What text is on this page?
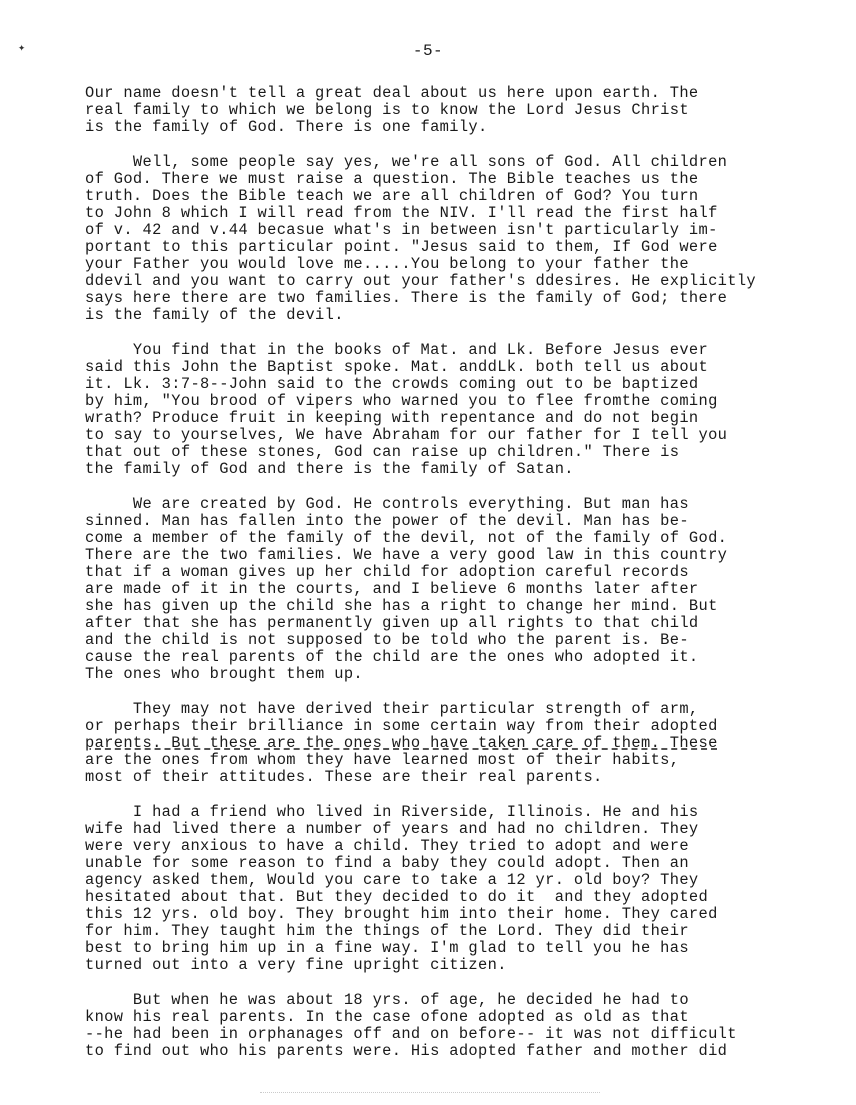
✦	-5-
Our name doesn't tell a great deal about us here upon earth. The
real family to which we belong is to know the Lord Jesus Christ
is the family of God. There is one family.
Well, some people say yes, we're all sons of God. All children
of God. There we must raise a question. The Bible teaches us the
truth. Does the Bible teach we are all children of God? You turn
to John 8 which I will read from the NIV. I'll read the first half
of v. 42 and v.44 becasue what's in between isn't particularly im-
portant to this particular point. "Jesus said to them, If God were
your Father you would love me.....You belong to your father the
ddevil and you want to carry out your father's ddesires. He explicitly
says here there are two families. There is the family of God; there
is the family of the devil.
You find that in the books of Mat. and Lk. Before Jesus ever
said this John the Baptist spoke. Mat. anddLk. both tell us about
it. Lk. 3:7-8--John said to the crowds coming out to be baptized
by him, "You brood of vipers who warned you to flee fromthe coming
wrath? Produce fruit in keeping with repentance and do not begin
to say to yourselves, We have Abraham for our father for I tell you
that out of these stones, God can raise up children." There is
the family of God and there is the family of Satan.
We are created by God. He controls everything. But man has
sinned. Man has fallen into the power of the devil. Man has be-
come a member of the family of the devil, not of the family of God.
There are the two families. We have a very good law in this country
that if a woman gives up her child for adoption careful records
are made of it in the courts, and I believe 6 months later after
she has given up the child she has a right to change her mind. But
after that she has permanently given up all rights to that child
and the child is not supposed to be told who the parent is. Be-
cause the real parents of the child are the ones who adopted it.
The ones who brought them up.
They may not have derived their particular strength of arm,
or perhaps their brilliance in some certain way from their adopted
parents. But these are the ones who have taken care of them. These
are the ones from whom they have learned most of their habits,
most of their attitudes. These are their real parents.
I had a friend who lived in Riverside, Illinois. He and his
wife had lived there a number of years and had no children. They
were very anxious to have a child. They tried to adopt and were
unable for some reason to find a baby they could adopt. Then an
agency asked them, Would you care to take a 12 yr. old boy? They
hesitated about that. But they decided to do it  and they adopted
this 12 yrs. old boy. They brought him into their home. They cared
for him. They taught him the things of the Lord. They did their
best to bring him up in a fine way. I'm glad to tell you he has
turned out into a very fine upright citizen.
But when he was about 18 yrs. of age, he decided he had to
know his real parents. In the case ofone adopted as old as that
--he had been in orphanages off and on before-- it was not difficult
to find out who his parents were. His adopted father and mother did
